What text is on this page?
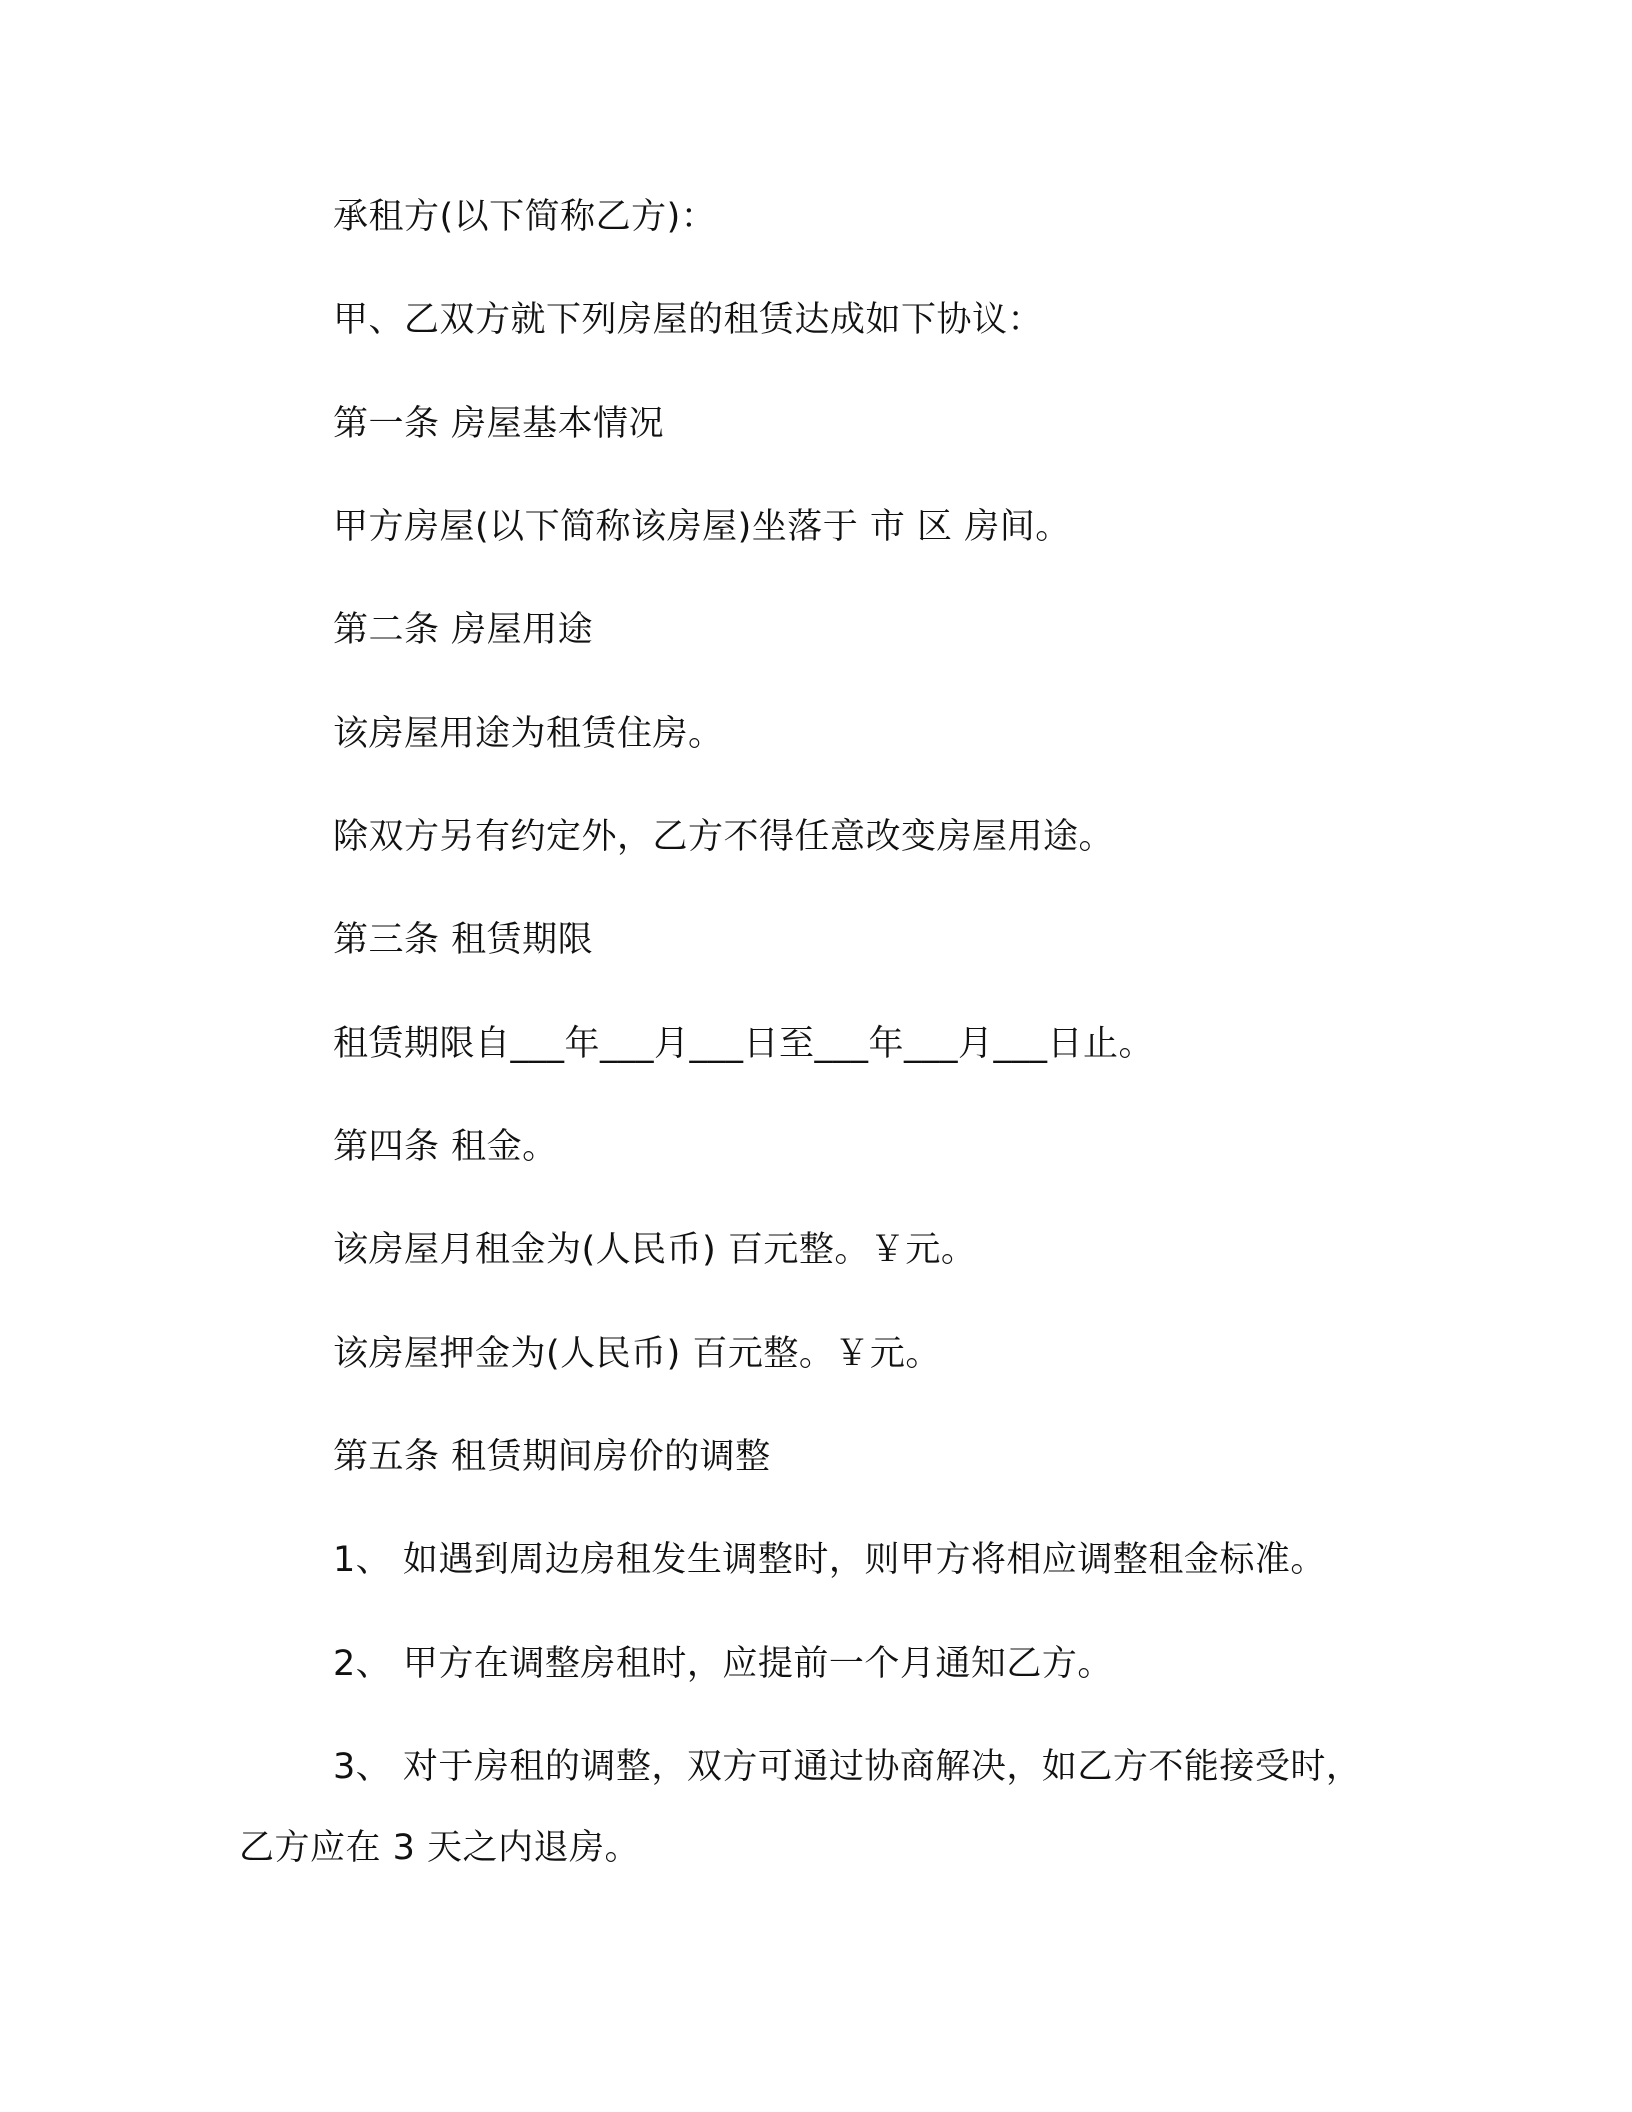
承租方(以下简称乙方)：
甲、乙双方就下列房屋的租赁达成如下协议：
第一条 房屋基本情况
甲方房屋(以下简称该房屋)坐落于 市 区 房间。
第二条 房屋用途
该房屋用途为租赁住房。
除双方另有约定外，乙方不得任意改变房屋用途。
第三条 租赁期限
租赁期限自___年___月___日至___年___月___日止。
第四条 租金。
该房屋月租金为(人民币) 百元整。￥元。
该房屋押金为(人民币) 百元整。￥元。
第五条 租赁期间房价的调整
1、 如遇到周边房租发生调整时，则甲方将相应调整租金标准。
2、 甲方在调整房租时，应提前一个月通知乙方。
3、 对于房租的调整，双方可通过协商解决，如乙方不能接受时，
乙方应在 3 天之内退房。
